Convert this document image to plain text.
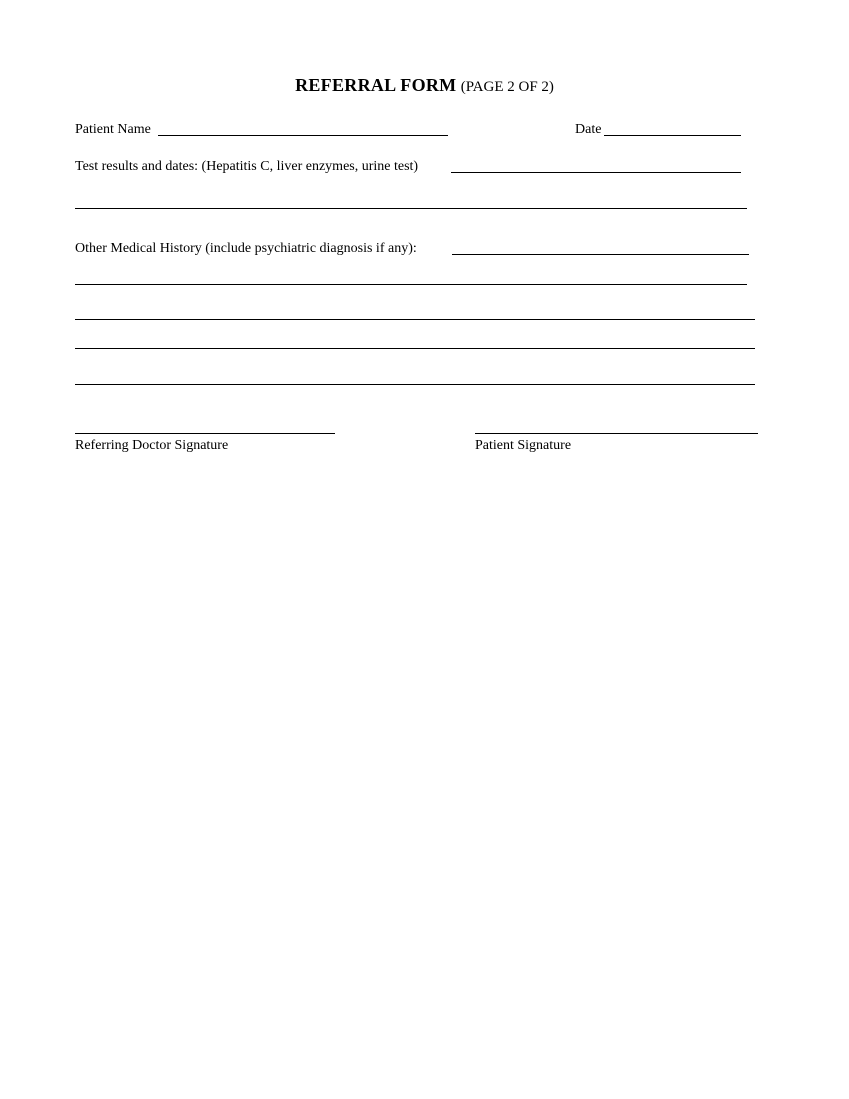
REFERRAL FORM (PAGE 2 OF 2)
Patient Name	Date
Test results and dates: (Hepatitis C, liver enzymes, urine test)
Other Medical History (include psychiatric diagnosis if any):
Referring Doctor Signature	Patient Signature
